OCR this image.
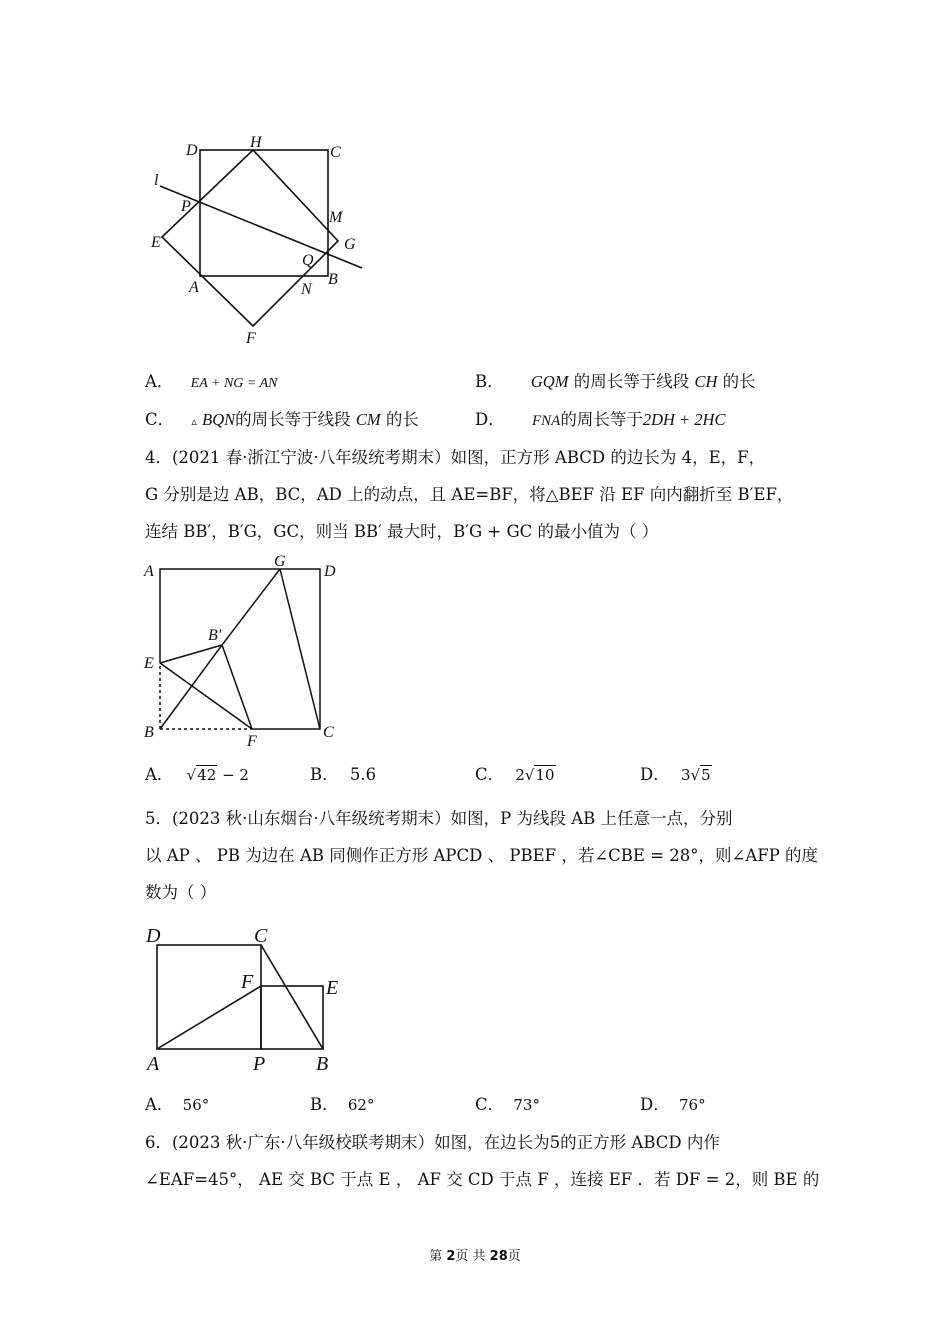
D	H
C
l
P
M
E	G
Q
B
A	N
F
A． EA + NG = AN	B． GQM 的周长等于线段 CH 的长
C． ▵ BQN的周长等于线段 CM 的长	D． FNA的周长等于2DH + 2HC
4．(2021 春·浙江宁波·八年级统考期末）如图，正方形 ABCD 的边长为 4，E，F，
G 分别是边 AB，BC，AD 上的动点，且 AE=BF，将△BEF 沿 EF 向内翻折至 B′EF，
连结 BB′，B′G，GC，则当 BB′ 最大时，B′G + GC 的最小值为（ ）
A	D
G
B′
E
B
F
C
A． √42 − 2	B． 5.6	C． 2√10	D． 3√5
5．(2023 秋·山东烟台·八年级统考期末）如图，P 为线段 AB 上任意一点，分别
以 AP 、 PB 为边在 AB 同侧作正方形 APCD 、 PBEF ，若∠CBE = 28°，则∠AFP 的度
数为（ ）
D	C
F	E
A	P	B
A． 56°	B． 62°	C． 73°	D． 76°
6．(2023 秋·广东·八年级校联考期末）如图，在边长为5的正方形 ABCD 内作
∠EAF=45°， AE 交 BC 于点 E ， AF 交 CD 于点 F ，连接 EF ．若 DF = 2，则 BE 的
第 2页 共 28页
